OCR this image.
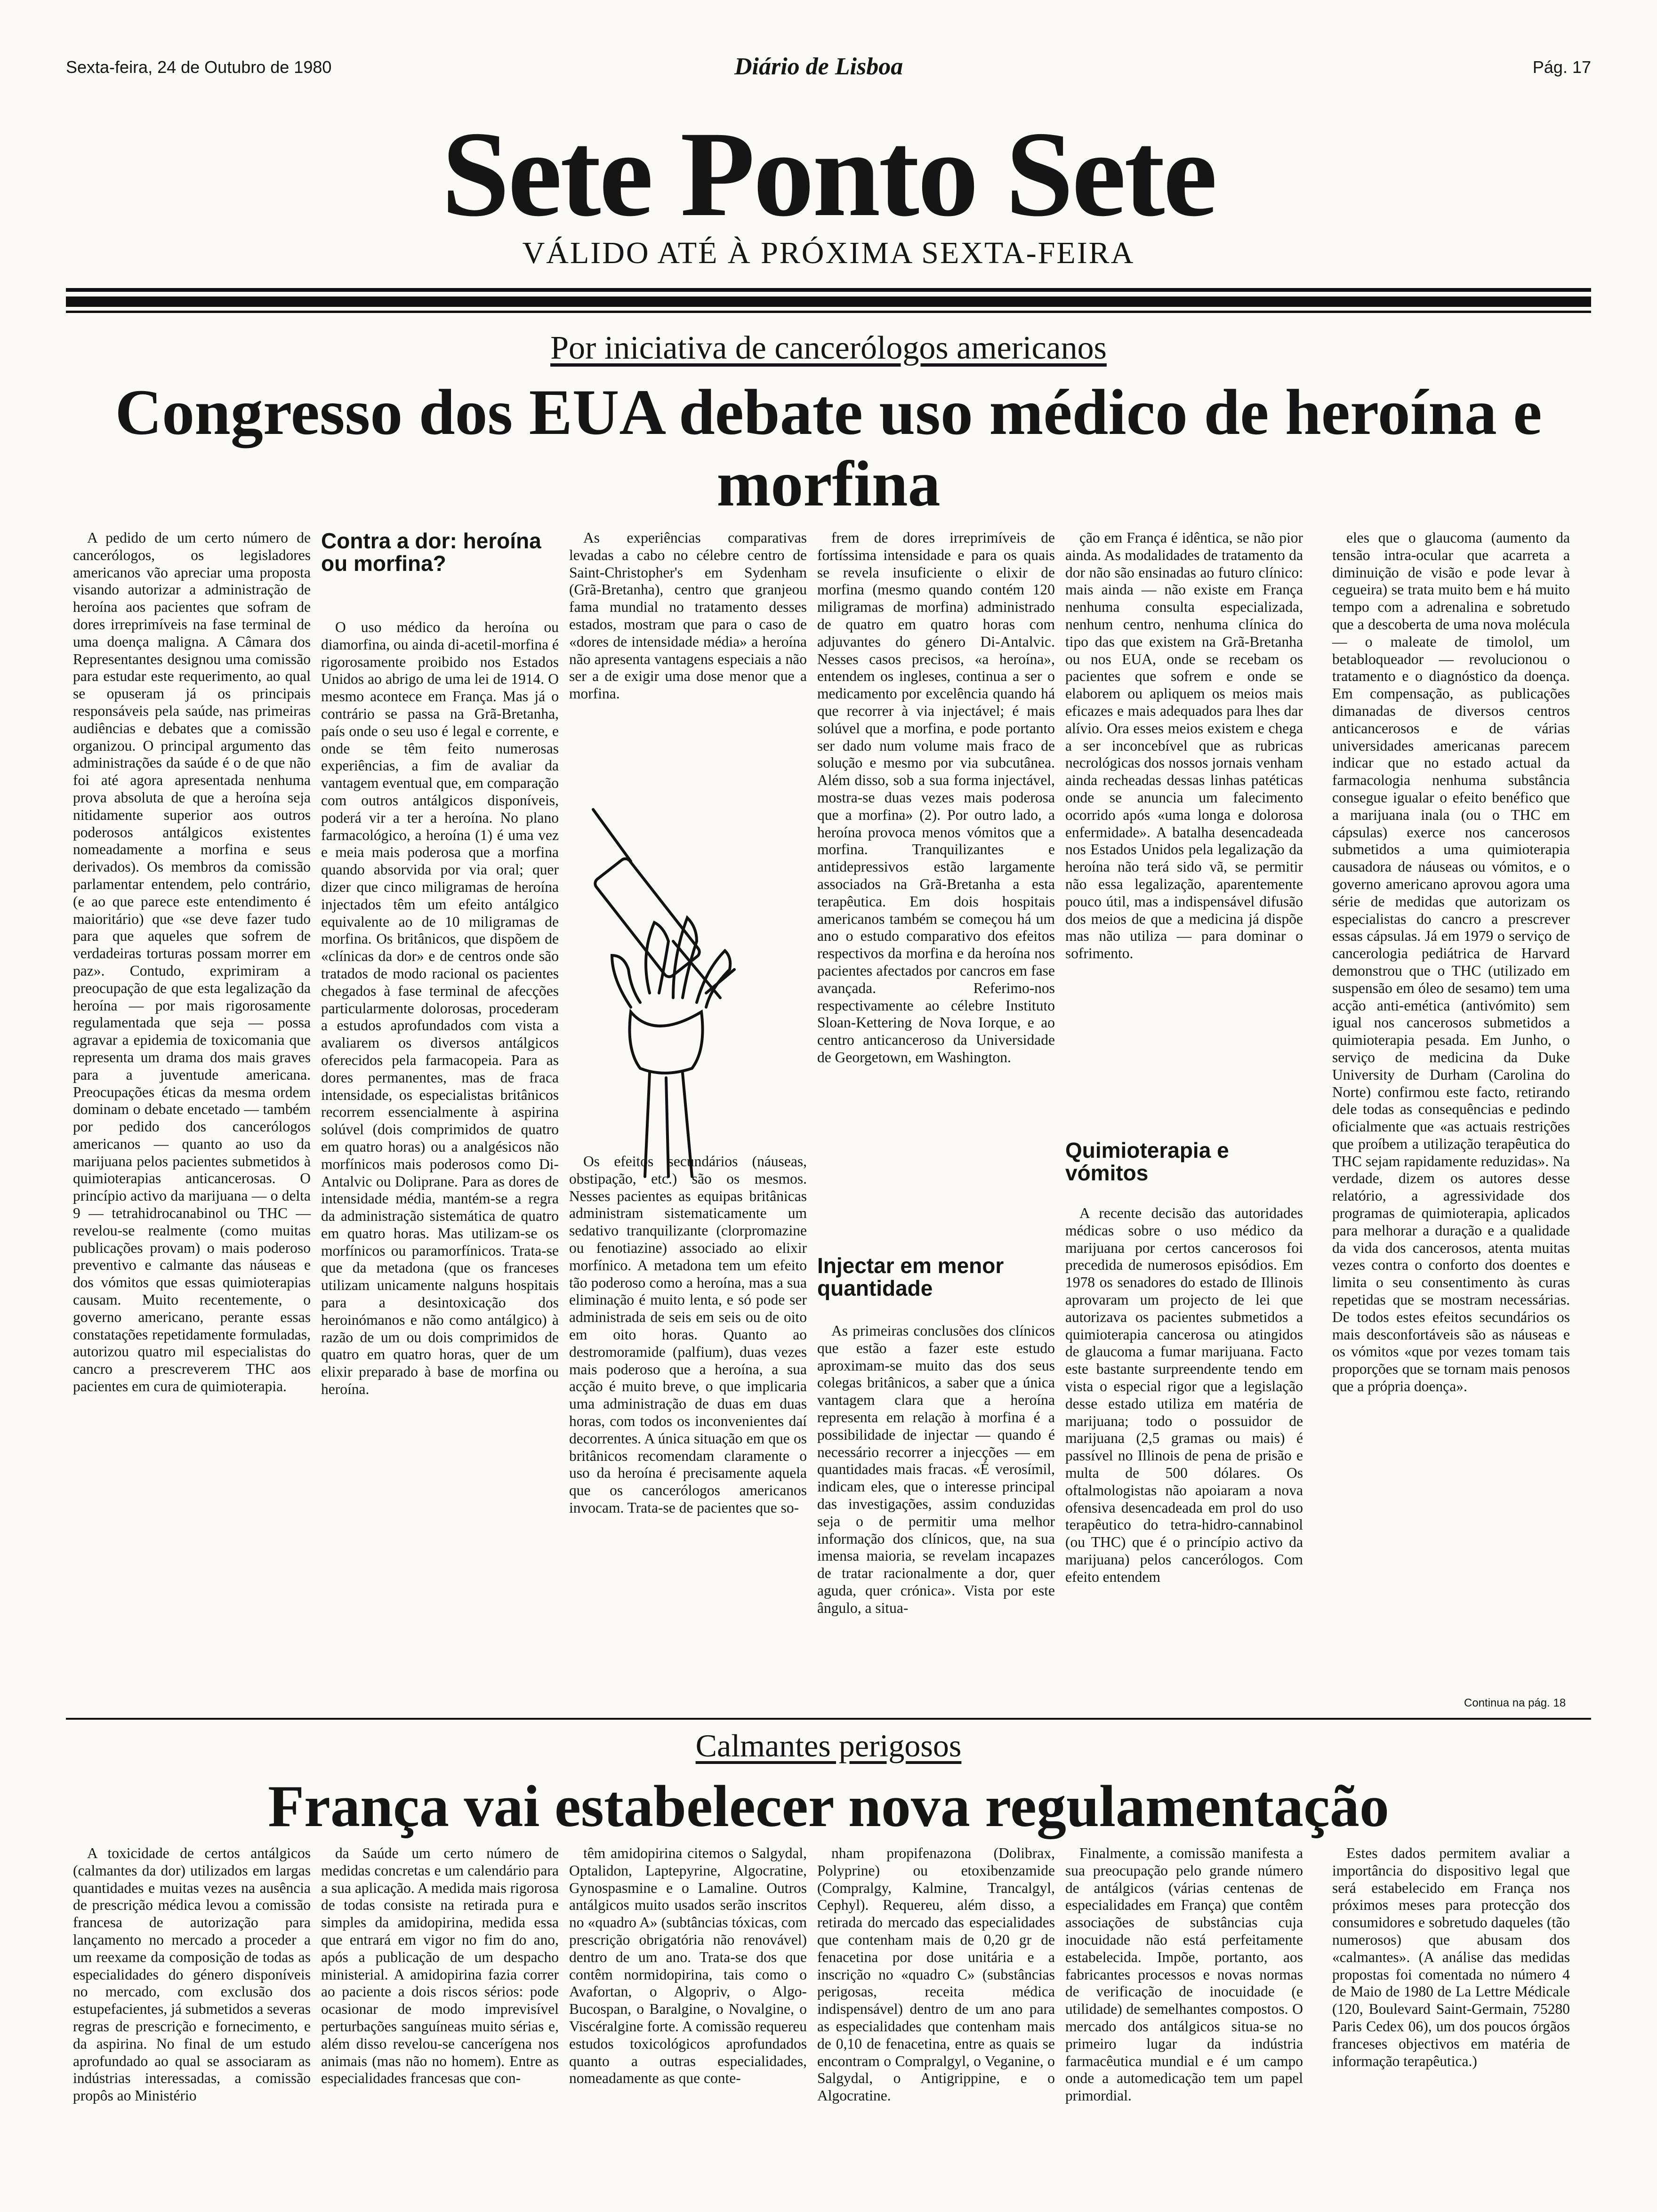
Sexta-feira, 24 de Outubro de 1980	Diário de Lisboa	Pág. 17
Sete Ponto Sete
VÁLIDO ATÉ À PRÓXIMA SEXTA-FEIRA
Por iniciativa de cancerólogos americanos
Congresso dos EUA debate uso médico de heroína e morfina

A pedido de um certo número de cancerólogos, os legisladores americanos vão apreciar uma proposta visando autorizar a administração de heroína aos pacientes que sofram de dores irreprimíveis na fase terminal de uma doença maligna. A Câmara dos Representantes designou uma comissão para estudar este requerimento, ao qual se opuseram já os principais responsáveis pela saúde, nas primeiras audiências e debates que a comissão organizou. O principal argumento das administrações da saúde é o de que não foi até agora apresentada nenhuma prova absoluta de que a heroína seja nitidamente superior aos outros poderosos antálgicos existentes nomeadamente a morfina e seus derivados). Os membros da comissão parlamentar entendem, pelo contrário, (e ao que parece este entendimento é maioritário) que «se deve fazer tudo para que aqueles que sofrem de verdadeiras torturas possam morrer em paz». Contudo, exprimiram a preocupação de que esta legalização da heroína — por mais rigorosamente regulamentada que seja — possa agravar a epidemia de toxicomania que representa um drama dos mais graves para a juventude americana. Preocupações éticas da mesma ordem dominam o debate encetado — também por pedido dos cancerólogos americanos — quanto ao uso da marijuana pelos pacientes submetidos à quimioterapias anticancerosas. O princípio activo da marijuana — o delta 9 — tetrahidrocanabinol ou THC — revelou-se realmente (como muitas publicações provam) o mais poderoso preventivo e calmante das náuseas e dos vómitos que essas quimioterapias causam. Muito recentemente, o governo americano, perante essas constatações repetidamente formuladas, autorizou quatro mil especialistas do cancro a prescreverem THC aos pacientes em cura de quimioterapia.

Contra a dor: heroína ou morfina?

O uso médico da heroína ou diamorfina, ou ainda di-acetil-morfina é rigorosamente proibido nos Estados Unidos ao abrigo de uma lei de 1914. O mesmo acontece em França. Mas já o contrário se passa na Grã-Bretanha, país onde o seu uso é legal e corrente, e onde se têm feito numerosas experiências, a fim de avaliar da vantagem eventual que, em comparação com outros antálgicos disponíveis, poderá vir a ter a heroína. No plano farmacológico, a heroína (1) é uma vez e meia mais poderosa que a morfina quando absorvida por via oral; quer dizer que cinco miligramas de heroína injectados têm um efeito antálgico equivalente ao de 10 miligramas de morfina. Os britânicos, que dispõem de «clínicas da dor» e de centros onde são tratados de modo racional os pacientes chegados à fase terminal de afecções particularmente dolorosas, procederam a estudos aprofundados com vista a avaliarem os diversos antálgicos oferecidos pela farmacopeia. Para as dores permanentes, mas de fraca intensidade, os especialistas britânicos recorrem essencialmente à aspirina solúvel (dois comprimidos de quatro em quatro horas) ou a analgésicos não morfínicos mais poderosos como Di-Antalvic ou Doliprane. Para as dores de intensidade média, mantém-se a regra da administração sistemática de quatro em quatro horas. Mas utilizam-se os morfínicos ou paramorfínicos. Trata-se que da metadona (que os franceses utilizam unicamente nalguns hospitais para a desintoxicação dos heroinómanos e não como antálgico) à razão de um ou dois comprimidos de quatro em quatro horas, quer de um elixir preparado à base de morfina ou heroína.

As experiências comparativas levadas a cabo no célebre centro de Saint-Christopher's em Sydenham (Grã-Bretanha), centro que granjeou fama mundial no tratamento desses estados, mostram que para o caso de «dores de intensidade média» a heroína não apresenta vantagens especiais a não ser a de exigir uma dose menor que a morfina.

Os efeitos secundários (náuseas, obstipação, etc.) são os mesmos. Nesses pacientes as equipas britânicas administram sistematicamente um sedativo tranquilizante (clorpromazine ou fenotiazine) associado ao elixir morfínico. A metadona tem um efeito tão poderoso como a heroína, mas a sua eliminação é muito lenta, e só pode ser administrada de seis em seis ou de oito em oito horas. Quanto ao destromoramide (palfium), duas vezes mais poderoso que a heroína, a sua acção é muito breve, o que implicaria uma administração de duas em duas horas, com todos os inconvenientes daí decorrentes. A única situação em que os britânicos recomendam claramente o uso da heroína é precisamente aquela que os cancerólogos americanos invocam. Trata-se de pacientes que so-

frem de dores irreprimíveis de fortíssima intensidade e para os quais se revela insuficiente o elixir de morfina (mesmo quando contém 120 miligramas de morfina) administrado de quatro em quatro horas com adjuvantes do género Di-Antalvic. Nesses casos precisos, «a heroína», entendem os ingleses, continua a ser o medicamento por excelência quando há que recorrer à via injectável; é mais solúvel que a morfina, e pode portanto ser dado num volume mais fraco de solução e mesmo por via subcutânea. Além disso, sob a sua forma injectável, mostra-se duas vezes mais poderosa que a morfina» (2). Por outro lado, a heroína provoca menos vómitos que a morfina. Tranquilizantes e antidepressivos estão largamente associados na Grã-Bretanha a esta terapêutica. Em dois hospitais americanos também se começou há um ano o estudo comparativo dos efeitos respectivos da morfina e da heroína nos pacientes afectados por cancros em fase avançada. Referimo-nos respectivamente ao célebre Instituto Sloan-Kettering de Nova Iorque, e ao centro anticanceroso da Universidade de Georgetown, em Washington.

Injectar em menor quantidade

As primeiras conclusões dos clínicos que estão a fazer este estudo aproximam-se muito das dos seus colegas britânicos, a saber que a única vantagem clara que a heroína representa em relação à morfina é a possibilidade de injectar — quando é necessário recorrer a injecções — em quantidades mais fracas. «É verosímil, indicam eles, que o interesse principal das investigações, assim conduzidas seja o de permitir uma melhor informação dos clínicos, que, na sua imensa maioria, se revelam incapazes de tratar racionalmente a dor, quer aguda, quer crónica». Vista por este ângulo, a situa-

ção em França é idêntica, se não pior ainda. As modalidades de tratamento da dor não são ensinadas ao futuro clínico: mais ainda — não existe em França nenhuma consulta especializada, nenhum centro, nenhuma clínica do tipo das que existem na Grã-Bretanha ou nos EUA, onde se recebam os pacientes que sofrem e onde se elaborem ou apliquem os meios mais eficazes e mais adequados para lhes dar alívio. Ora esses meios existem e chega a ser inconcebível que as rubricas necrológicas dos nossos jornais venham ainda recheadas dessas linhas patéticas onde se anuncia um falecimento ocorrido após «uma longa e dolorosa enfermidade». A batalha desencadeada nos Estados Unidos pela legalização da heroína não terá sido vã, se permitir não essa legalização, aparentemente pouco útil, mas a indispensável difusão dos meios de que a medicina já dispõe mas não utiliza — para dominar o sofrimento.

Quimioterapia e vómitos

A recente decisão das autoridades médicas sobre o uso médico da marijuana por certos cancerosos foi precedida de numerosos episódios. Em 1978 os senadores do estado de Illinois aprovaram um projecto de lei que autorizava os pacientes submetidos a quimioterapia cancerosa ou atingidos de glaucoma a fumar marijuana. Facto este bastante surpreendente tendo em vista o especial rigor que a legislação desse estado utiliza em matéria de marijuana; todo o possuidor de marijuana (2,5 gramas ou mais) é passível no Illinois de pena de prisão e multa de 500 dólares. Os oftalmologistas não apoiaram a nova ofensiva desencadeada em prol do uso terapêutico do tetra-hidro-cannabinol (ou THC) que é o princípio activo da marijuana) pelos cancerólogos. Com efeito entendem

eles que o glaucoma (aumento da tensão intra-ocular que acarreta a diminuição de visão e pode levar à cegueira) se trata muito bem e há muito tempo com a adrenalina e sobretudo que a descoberta de uma nova molécula — o maleate de timolol, um betabloqueador — revolucionou o tratamento e o diagnóstico da doença. Em compensação, as publicações dimanadas de diversos centros anticancerosos e de várias universidades americanas parecem indicar que no estado actual da farmacologia nenhuma substância consegue igualar o efeito benéfico que a marijuana inala (ou o THC em cápsulas) exerce nos cancerosos submetidos a uma quimioterapia causadora de náuseas ou vómitos, e o governo americano aprovou agora uma série de medidas que autorizam os especialistas do cancro a prescrever essas cápsulas. Já em 1979 o serviço de cancerologia pediátrica de Harvard demonstrou que o THC (utilizado em suspensão em óleo de sesamo) tem uma acção anti-emética (antivómito) sem igual nos cancerosos submetidos a quimioterapia pesada. Em Junho, o serviço de medicina da Duke University de Durham (Carolina do Norte) confirmou este facto, retirando dele todas as consequências e pedindo oficialmente que «as actuais restrições que proíbem a utilização terapêutica do THC sejam rapidamente reduzidas». Na verdade, dizem os autores desse relatório, a agressividade dos programas de quimioterapia, aplicados para melhorar a duração e a qualidade da vida dos cancerosos, atenta muitas vezes contra o conforto dos doentes e limita o seu consentimento às curas repetidas que se mostram necessárias. De todos estes efeitos secundários os mais desconfortáveis são as náuseas e os vómitos «que por vezes tomam tais proporções que se tornam mais penosos que a própria doença».

Continua na pág. 18
Calmantes perigosos
França vai estabelecer nova regulamentação

A toxicidade de certos antálgicos (calmantes da dor) utilizados em largas quantidades e muitas vezes na ausência de prescrição médica levou a comissão francesa de autorização para lançamento no mercado a proceder a um reexame da composição de todas as especialidades do género disponíveis no mercado, com exclusão dos estupefacientes, já submetidos a severas regras de prescrição e fornecimento, e da aspirina. No final de um estudo aprofundado ao qual se associaram as indústrias interessadas, a comissão propôs ao Ministério

da Saúde um certo número de medidas concretas e um calendário para a sua aplicação. A medida mais rigorosa de todas consiste na retirada pura e simples da amidopirina, medida essa que entrará em vigor no fim do ano, após a publicação de um despacho ministerial. A amidopirina fazia correr ao paciente a dois riscos sérios: pode ocasionar de modo imprevisível perturbações sanguíneas muito sérias e, além disso revelou-se cancerígena nos animais (mas não no homem). Entre as especialidades francesas que con-

têm amidopirina citemos o Salgydal, Optalidon, Laptepyrine, Algocratine, Gynospasmine e o Lamaline. Outros antálgicos muito usados serão inscritos no «quadro A» (subtâncias tóxicas, com prescrição obrigatória não renovável) dentro de um ano. Trata-se dos que contêm normidopirina, tais como o Avafortan, o Algopriv, o Algo-Bucospan, o Baralgine, o Novalgine, o Viscéralgine forte. A comissão requereu estudos toxicológicos aprofundados quanto a outras especialidades, nomeadamente as que conte-

nham propifenazona (Dolibrax, Polyprine) ou etoxibenzamide (Compralgy, Kalmine, Trancalgyl, Cephyl). Requereu, além disso, a retirada do mercado das especialidades que contenham mais de 0,20 gr de fenacetina por dose unitária e a inscrição no «quadro C» (substâncias perigosas, receita médica indispensável) dentro de um ano para as especialidades que contenham mais de 0,10 de fenacetina, entre as quais se encontram o Compralgyl, o Veganine, o Salgydal, o Antigrippine, e o Algocratine.

Finalmente, a comissão manifesta a sua preocupação pelo grande número de antálgicos (várias centenas de especialidades em França) que contêm associações de substâncias cuja inocuidade não está perfeitamente estabelecida. Impõe, portanto, aos fabricantes processos e novas normas de verificação de inocuidade (e utilidade) de semelhantes compostos. O mercado dos antálgicos situa-se no primeiro lugar da indústria farmacêutica mundial e é um campo onde a automedicação tem um papel primordial.

Estes dados permitem avaliar a importância do dispositivo legal que será estabelecido em França nos próximos meses para protecção dos consumidores e sobretudo daqueles (tão numerosos) que abusam dos «calmantes». (A análise das medidas propostas foi comentada no número 4 de Maio de 1980 de La Lettre Médicale (120, Boulevard Saint-Germain, 75280 Paris Cedex 06), um dos poucos órgãos franceses objectivos em matéria de informação terapêutica.)
